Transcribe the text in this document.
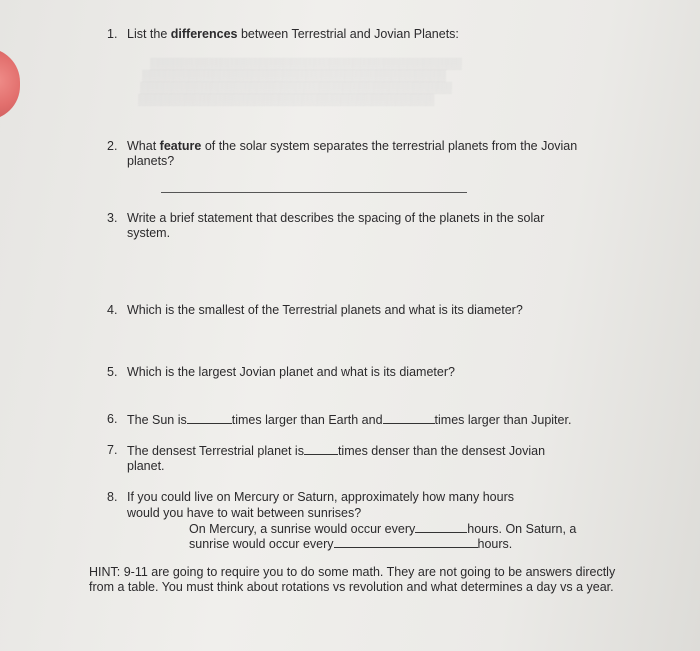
▒▒▒▒▒▒▒▒▒▒▒▒▒▒▒▒▒▒▒▒▒▒▒▒▒▒▒▒▒▒▒▒▒▒▒▒▒▒▒▒
▒▒▒▒▒▒▒▒▒▒▒▒▒▒▒▒▒▒▒▒▒▒▒▒▒▒▒▒▒▒▒▒▒▒▒▒▒▒▒
▒▒▒▒▒▒▒▒▒▒▒▒▒▒▒▒▒▒▒▒▒▒▒▒▒▒▒▒▒▒▒▒▒▒▒▒▒▒▒▒
▒▒▒▒▒▒▒▒▒▒▒▒▒▒▒▒▒▒▒▒▒▒▒▒▒▒▒▒▒▒▒▒▒▒▒▒▒▒
1. List the differences between Terrestrial and Jovian Planets:
2. What feature of the solar system separates the terrestrial planets from the Jovian
planets?
3. Write a brief statement that describes the spacing of the planets in the solar
system.
4. Which is the smallest of the Terrestrial planets and what is its diameter?
5. Which is the largest Jovian planet and what is its diameter?
6. The Sun is	times larger than Earth and	times larger than Jupiter.
7. The densest Terrestrial planet is	times denser than the densest Jovian
planet.
8. If you could live on Mercury or Saturn, approximately how many hours
would you have to wait between sunrises?
On Mercury, a sunrise would occur every	hours. On Saturn, a
sunrise would occur every	hours.
HINT: 9-11 are going to require you to do some math. They are not going to be answers directly from a table. You must think about rotations vs revolution and what determines a day vs a year.
